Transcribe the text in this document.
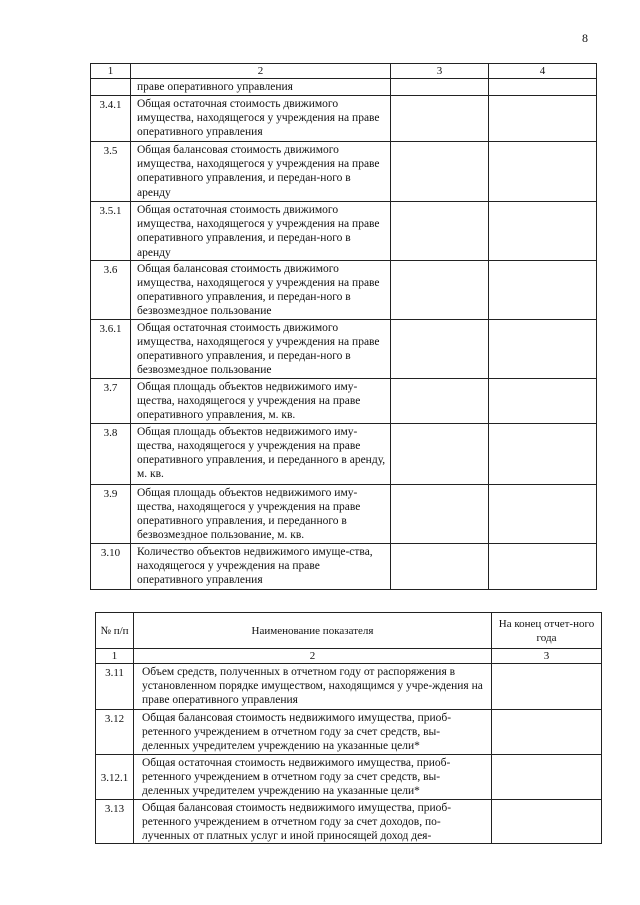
8
1	2	3	4
	праве оперативного управления		
3.4.1	Общая остаточная стоимость движимого имущества, находящегося у учреждения на праве оперативного управления		
3.5	Общая балансовая стоимость движимого имущества, находящегося у учреждения на праве оперативного управления, и передан-ного в аренду		
3.5.1	Общая остаточная стоимость движимого имущества, находящегося у учреждения на праве оперативного управления, и передан-ного в аренду		
3.6	Общая балансовая стоимость движимого имущества, находящегося у учреждения на праве оперативного управления, и передан-ного в безвозмездное пользование		
3.6.1	Общая остаточная стоимость движимого имущества, находящегося у учреждения на праве оперативного управления, и передан-ного в безвозмездное пользование		
3.7	Общая площадь объектов недвижимого иму-щества, находящегося у учреждения на праве оперативного управления, м. кв.		
3.8	Общая площадь объектов недвижимого иму-щества, находящегося у учреждения на праве оперативного управления, и переданного в аренду, м. кв.		
3.9	Общая площадь объектов недвижимого иму-щества, находящегося у учреждения на праве оперативного управления, и переданного в безвозмездное пользование, м. кв.		
3.10	Количество объектов недвижимого имуще-ства, находящегося у учреждения на праве оперативного управления		
№ п/п	Наименование показателя	На конец отчет-ного года
1	2	3
3.11	Объем средств, полученных в отчетном году от распоряжения в установленном порядке имуществом, находящимся у учре-ждения на праве оперативного управления	
3.12	Общая балансовая стоимость недвижимого имущества, приоб-ретенного учреждением в отчетном году за счет средств, вы-деленных учредителем учреждению на указанные цели*	
3.12.1	Общая остаточная стоимость недвижимого имущества, приоб-ретенного учреждением в отчетном году за счет средств, вы-деленных учредителем учреждению на указанные цели*	
3.13	Общая балансовая стоимость недвижимого имущества, приоб-ретенного учреждением в отчетном году за счет доходов, по-лученных от платных услуг и иной приносящей доход дея-	
